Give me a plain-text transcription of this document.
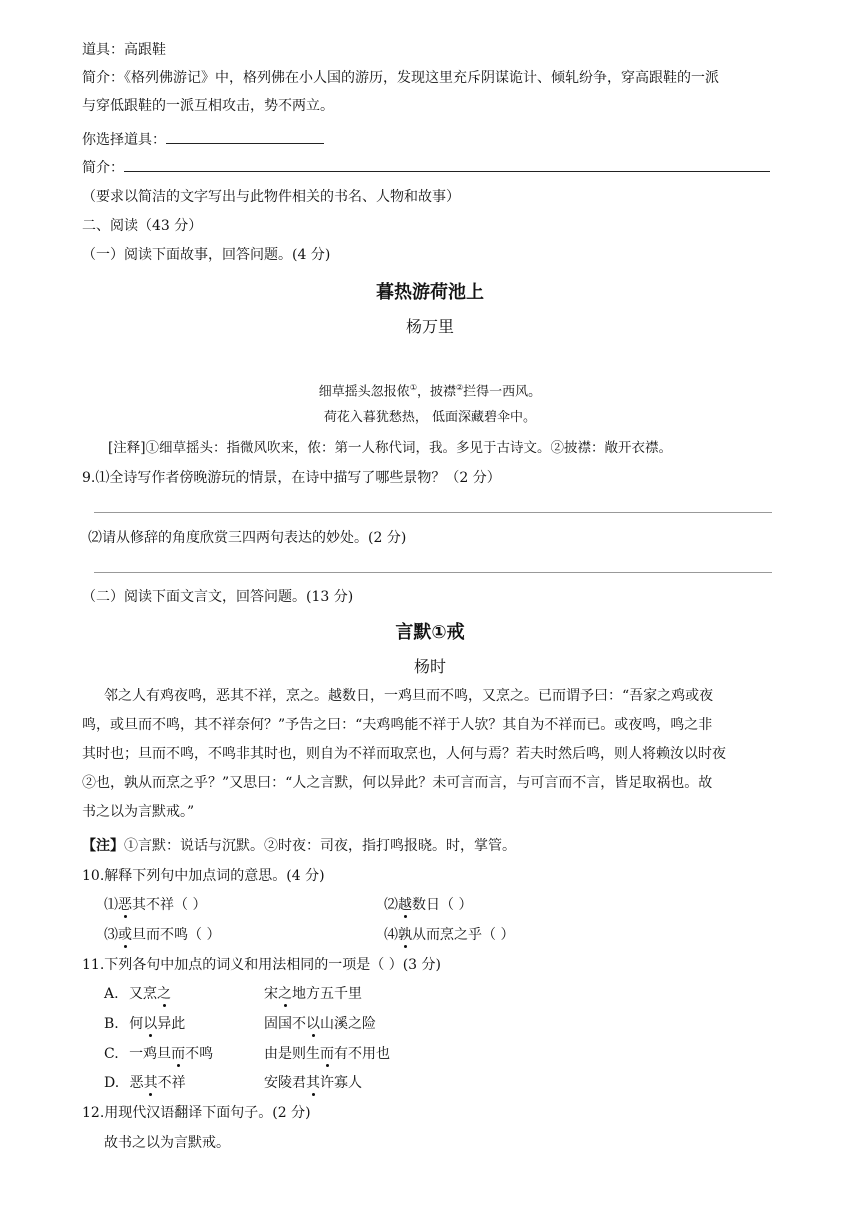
道具：高跟鞋
简介：《格列佛游记》中，格列佛在小人国的游历，发现这里充斥阴谋诡计、倾轧纷争，穿高跟鞋的一派
与穿低跟鞋的一派互相攻击，势不两立。
你选择道具：
简介：
（要求以简洁的文字写出与此物件相关的书名、人物和故事）
二、阅读（43 分）
（一）阅读下面故事，回答问题。(4 分)
暮热游荷池上
杨万里
细草摇头忽报侬①，披襟②拦得一西风。
荷花入暮犹愁热， 低面深藏碧伞中。
[注释]①细草摇头：指微风吹来，侬：第一人称代词，我。多见于古诗文。②披襟：敞开衣襟。
9.⑴全诗写作者傍晚游玩的情景，在诗中描写了哪些景物？（2 分）
⑵请从修辞的角度欣赏三四两句表达的妙处。(2 分)
（二）阅读下面文言文，回答问题。(13 分)
言默①戒
杨时
邻之人有鸡夜鸣，恶其不祥，烹之。越数日，一鸡旦而不鸣，又烹之。已而谓予曰：“吾家之鸡或夜
鸣，或旦而不鸣，其不祥奈何？”予告之曰：“夫鸡鸣能不祥于人欤？其自为不祥而已。或夜鸣，鸣之非
其时也；旦而不鸣，不鸣非其时也，则自为不祥而取烹也，人何与焉？若夫时然后鸣，则人将赖汝以时夜
②也，孰从而烹之乎？”又思曰：“人之言默，何以异此？未可言而言，与可言而不言，皆足取祸也。故
书之以为言默戒。”
【注】①言默：说话与沉默。②时夜：司夜，指打鸣报晓。时，掌管。
10.解释下列句中加点词的意思。(4 分)
⑴恶其不祥（ ）	⑵越数日（ ）
⑶或旦而不鸣（ ）	⑷孰从而烹之乎（ ）
11.下列各句中加点的词义和用法相同的一项是（ ）(3 分)
A. 又烹之	宋之地方五千里
B. 何以异此	固国不以山溪之险
C. 一鸡旦而不鸣	由是则生而有不用也
D. 恶其不祥	安陵君其许寡人
12.用现代汉语翻译下面句子。(2 分)
故书之以为言默戒。
